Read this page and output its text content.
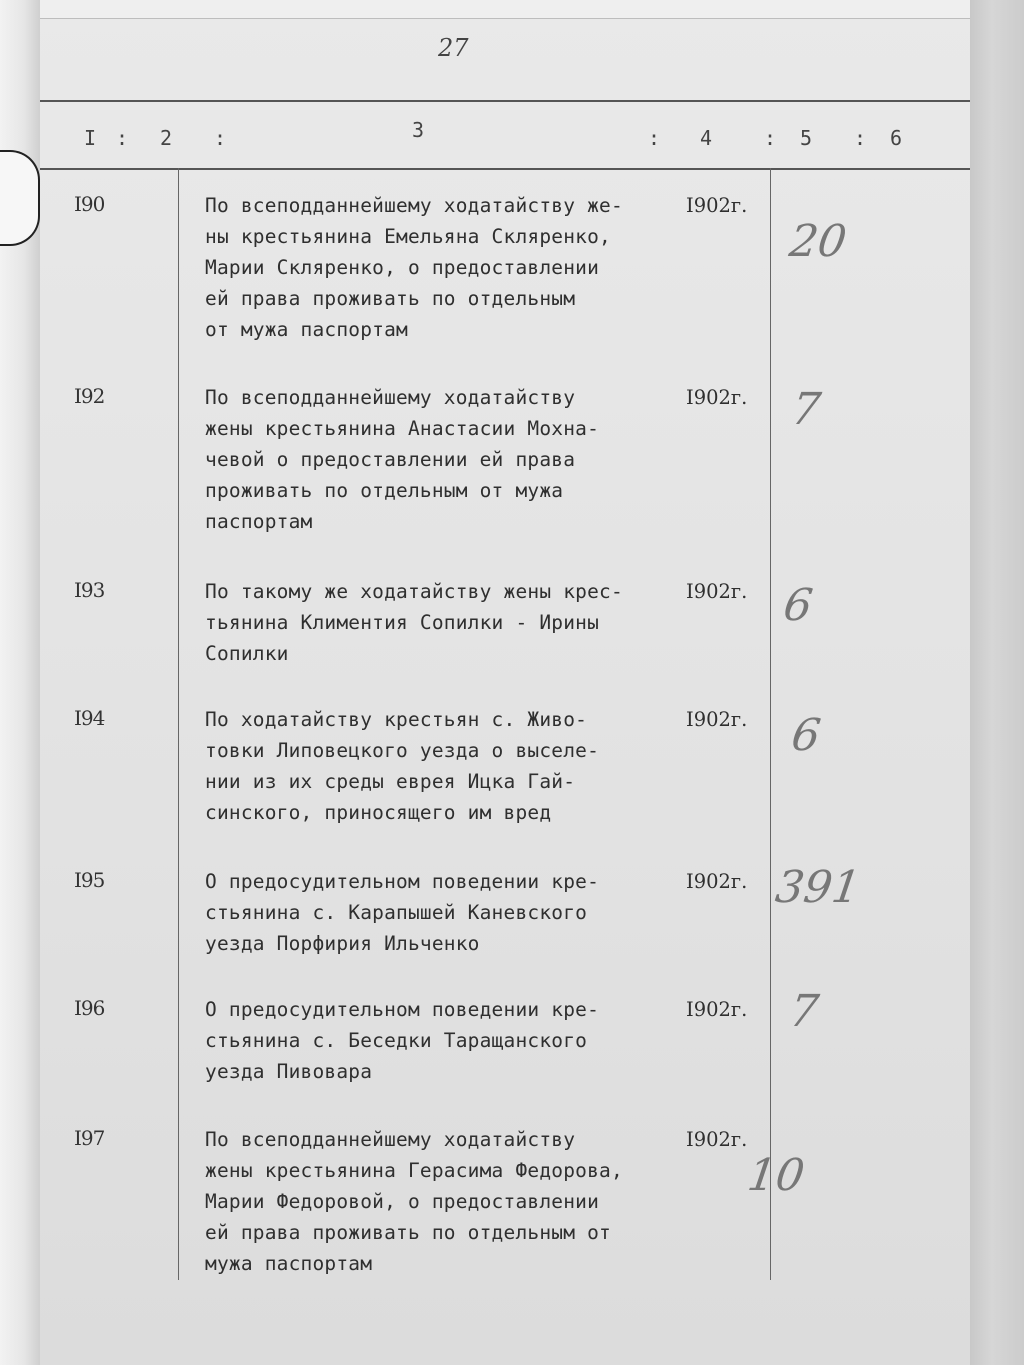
27
I : 2 :	3	: 4	: 5 : 6
I90	По всеподданнейшему ходатайству же-
ны крестьянина Емельяна Скляренко,
Марии Скляренко, о предоставлении
ей права проживать по отдельным
от мужа паспортам
I902г.
20
I92	По всеподданнейшему ходатайству
жены крестьянина Анастасии Мохна-
чевой о предоставлении ей права
проживать по отдельным от мужа
паспортам
I902г. 7
I93	По такому же ходатайству жены крес-
тьянина Климентия Сопилки - Ирины
Сопилки
I902г. 6
I94	По ходатайству крестьян с. Живо-
товки Липовецкого уезда о выселе-
нии из их среды еврея Ицка Гай-
синского, приносящего им вред
I902г. 6
I95	О предосудительном поведении кре-
стьянина с. Карапышей Каневского
уезда Порфирия Ильченко
I902г. 391
I96	О предосудительном поведении кре-
стьянина с. Беседки Таращанского
уезда Пивовара
I902г. 7
I97	По всеподданнейшему ходатайству
жены крестьянина Герасима Федорова,
Марии Федоровой, о предоставлении
ей права проживать по отдельным от
мужа паспортам
I902г.
10
